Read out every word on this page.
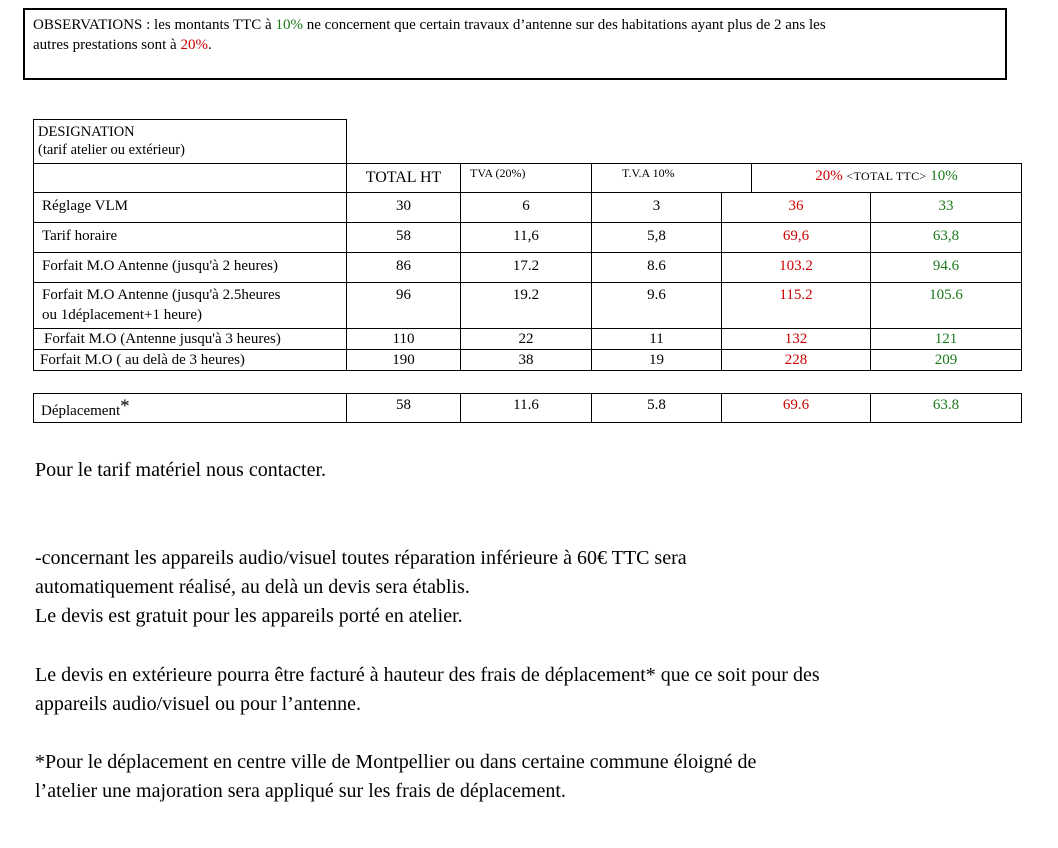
OBSERVATIONS : les montants TTC à 10% ne concernent que certain travaux d’antenne sur des habitations ayant plus de 2 ans les
autres prestations sont à 20%.
DESIGNATION
(tarif atelier ou extérieur)
TOTAL HT	TVA (20%)	T.V.A 10%	20% <TOTAL TTC> 10%
Réglage VLM	30	6	3	36	33
Tarif horaire	58	11,6	5,8	69,6	63,8
Forfait M.O Antenne (jusqu'à 2 heures)	86	17.2	8.6	103.2	94.6
Forfait M.O Antenne (jusqu'à 2.5heures
ou 1déplacement+1 heure)
96	19.2	9.6	115.2	105.6
Forfait M.O (Antenne jusqu'à 3 heures)	110	22	11	132	121
Forfait M.O ( au delà de 3 heures)	190	38	19	228	209
Déplacement*	58	11.6	5.8	69.6	63.8
Pour le tarif matériel nous contacter.
-concernant les appareils audio/visuel toutes réparation inférieure à 60€ TTC sera
automatiquement réalisé, au delà un devis sera établis.
Le devis est gratuit pour les appareils porté en atelier.
Le devis en extérieure pourra être facturé à hauteur des frais de déplacement* que ce soit pour des
appareils audio/visuel ou pour l’antenne.
*Pour le déplacement en centre ville de Montpellier ou dans certaine commune éloigné de
l’atelier une majoration sera appliqué sur les frais de déplacement.
